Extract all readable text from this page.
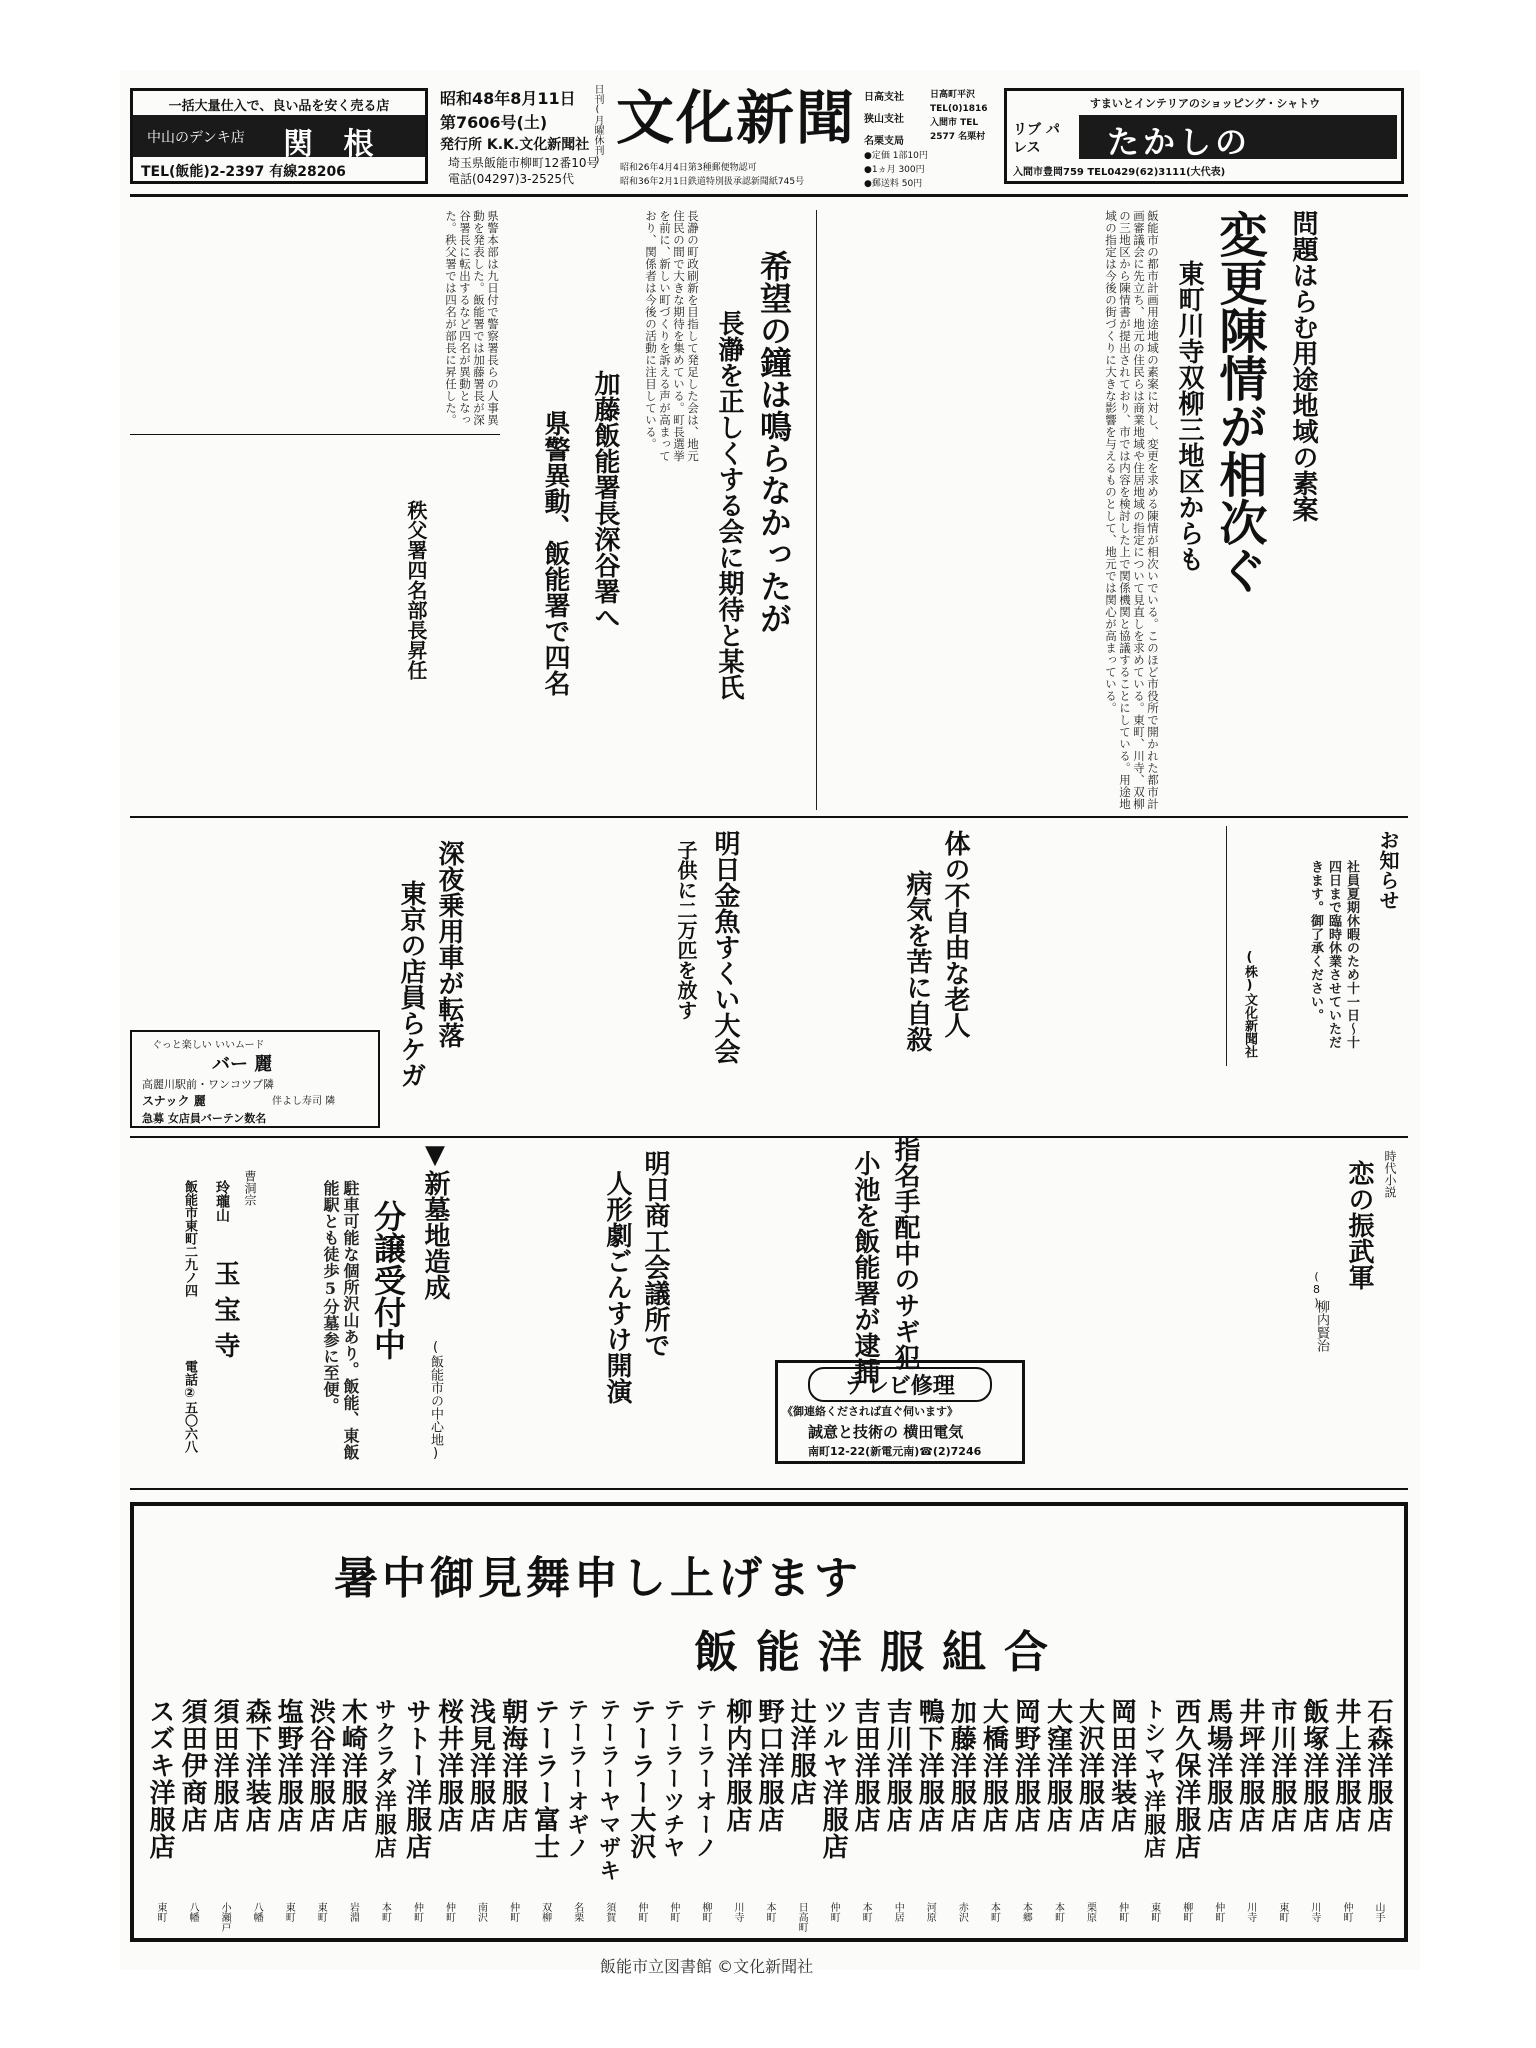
一括大量仕入で、良い品を安く売る店
中山のデンキ店 関 根
TEL(飯能)2-2397 有線28206
昭和48年8月11日
第7606号(土)	日刊(月曜休刊)
発行所 K.K.文化新聞社
埼玉県飯能市柳町12番10号
電話(04297)3-2525代
文化新聞
昭和26年4月4日第3種郵便物認可
昭和36年2月1日鉄道特別扱承認新聞紙745号
日高支社
狭山支社
名栗支局
●定価 1部10円
●1ヵ月 300円
●郵送料 50円
日高町平沢 TEL(0)1816 入間市 TEL 2577 名栗村
すまいとインテリアのショッピング・シャトウ
リブ パレス	たかしの
入間市豊岡759 TEL0429(62)3111(大代表)
問題はらむ用途地域の素案
変更陳情が相次ぐ
東町川寺双柳三地区からも
飯能市の都市計画用途地域の素案に対し、変更を求める陳情が相次いでいる。このほど市役所で開かれた都市計画審議会に先立ち、地元の住民らは商業地域や住居地域の指定について見直しを求めている。東町、川寺、双柳の三地区から陳情書が提出されており、市では内容を検討した上で関係機関と協議することにしている。用途地域の指定は今後の街づくりに大きな影響を与えるものとして、地元では関心が高まっている。
希望の鐘は鳴らなかったが
長瀞を正しくする会に期待と某氏
長瀞の町政刷新を目指して発足した会は、地元住民の間で大きな期待を集めている。町長選挙を前に、新しい町づくりを訴える声が高まっており、関係者は今後の活動に注目している。
加藤飯能署長深谷署へ
県警異動、飯能署で四名
秩父署四名部長昇任
県警本部は九日付で警察署長らの人事異動を発表した。飯能署では加藤署長が深谷署長に転出するなど四名が異動となった。秩父署では四名が部長に昇任した。
お知らせ
社員夏期休暇のため十一日～十四日まで臨時休業させていただきます。御了承ください。
(株)文化新聞社
体の不自由な老人
病気を苦に自殺
明日金魚すくい大会
子供に二万匹を放す
深夜乗用車が転落
東京の店員らケガ
ぐっと楽しい いいムード
バー 麗
高麗川駅前・ワンコツブ隣
スナック 麗	伴よし寿司 隣
急募 女店員バーテン数名
時代小説
恋の振武軍
(8)
柳内賢治
指名手配中のサギ犯
小池を飯能署が逮捕
明日商工会議所で
人形劇ごんすけ開演
▼新墓地造成
(飯能市の中心地)
分譲受付中
駐車可能な個所沢山あり。飯能、東飯能駅とも徒歩5分墓参に至便。
曹洞宗
玲瓏山
玉宝寺
飯能市東町二九ノ四
電話②五〇六八	テレビ修理
《御連絡くだされば直ぐ伺います》
誠意と技術の 横田電気
南町12-22(新電元南)☎(2)7246
暑中御見舞申し上げます
飯能洋服組合
石森洋服店
山手
井上洋服店
仲町
飯塚洋服店
川寺
市川洋服店
東町
井坪洋服店
川寺
馬場洋服店
仲町
西久保洋服店
柳町
トシマヤ洋服店
東町
岡田洋装店
仲町
大沢洋服店
栗原
大窪洋服店
本町
岡野洋服店
本郷
大橋洋服店
本町
加藤洋服店
赤沢
鴨下洋服店
河原
吉川洋服店
中居
吉田洋服店
本町
ツルヤ洋服店
仲町
辻洋服店
日高町
野口洋服店
本町
柳内洋服店
川寺
テーラーオーノ
柳町
テーラーツチヤ
仲町
テーラー大沢
仲町
テーラーヤマザキ
須賀
テーラーオギノ
名栗
テーラー富士
双柳
朝海洋服店
仲町
浅見洋服店
南沢
桜井洋服店
仲町
サトー洋服店
仲町
サクラダ洋服店
本町
木崎洋服店
岩淵
渋谷洋服店
東町
塩野洋服店
東町
森下洋装店
八幡
須田洋服店
小瀬戸
須田伊商店
八幡
スズキ洋服店
東町
飯能市立図書館 ©文化新聞社
